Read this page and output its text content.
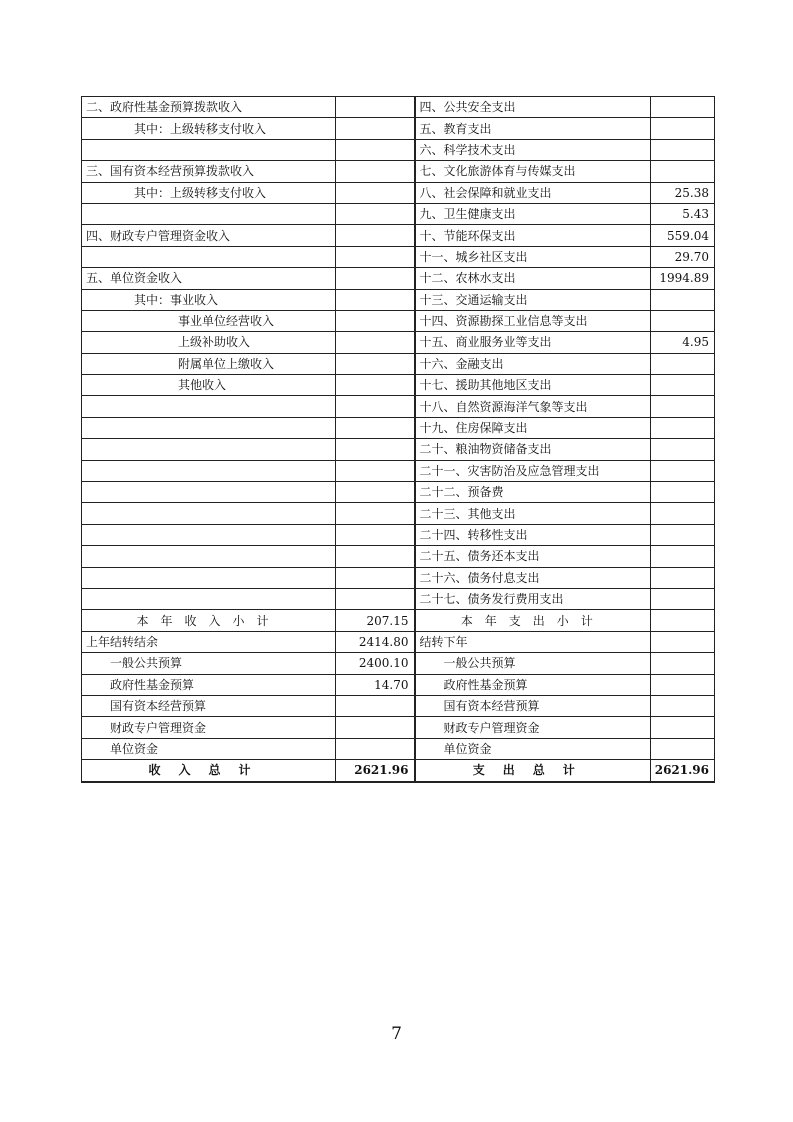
二、政府性基金预算拨款收入		四、公共安全支出	
其中：上级转移支付收入		五、教育支出	
		六、科学技术支出	
三、国有资本经营预算拨款收入		七、文化旅游体育与传媒支出	
其中：上级转移支付收入		八、社会保障和就业支出	25.38
		九、卫生健康支出	5.43
四、财政专户管理资金收入		十、节能环保支出	559.04
		十一、城乡社区支出	29.70
五、单位资金收入		十二、农林水支出	1994.89
其中：事业收入		十三、交通运输支出	
事业单位经营收入		十四、资源勘探工业信息等支出	
上级补助收入		十五、商业服务业等支出	4.95
附属单位上缴收入		十六、金融支出	
其他收入		十七、援助其他地区支出	
		十八、自然资源海洋气象等支出	
		十九、住房保障支出	
		二十、粮油物资储备支出	
		二十一、灾害防治及应急管理支出	
		二十二、预备费	
		二十三、其他支出	
		二十四、转移性支出	
		二十五、债务还本支出	
		二十六、债务付息支出	
		二十七、债务发行费用支出	
本年收入小计	207.15	本年支出小计	
上年结转结余	2414.80	结转下年	
一般公共预算	2400.10	一般公共预算	
政府性基金预算	14.70	政府性基金预算	
国有资本经营预算		国有资本经营预算	
财政专户管理资金		财政专户管理资金	
单位资金		单位资金	
收入总计	2621.96	支出总计	2621.96
7
